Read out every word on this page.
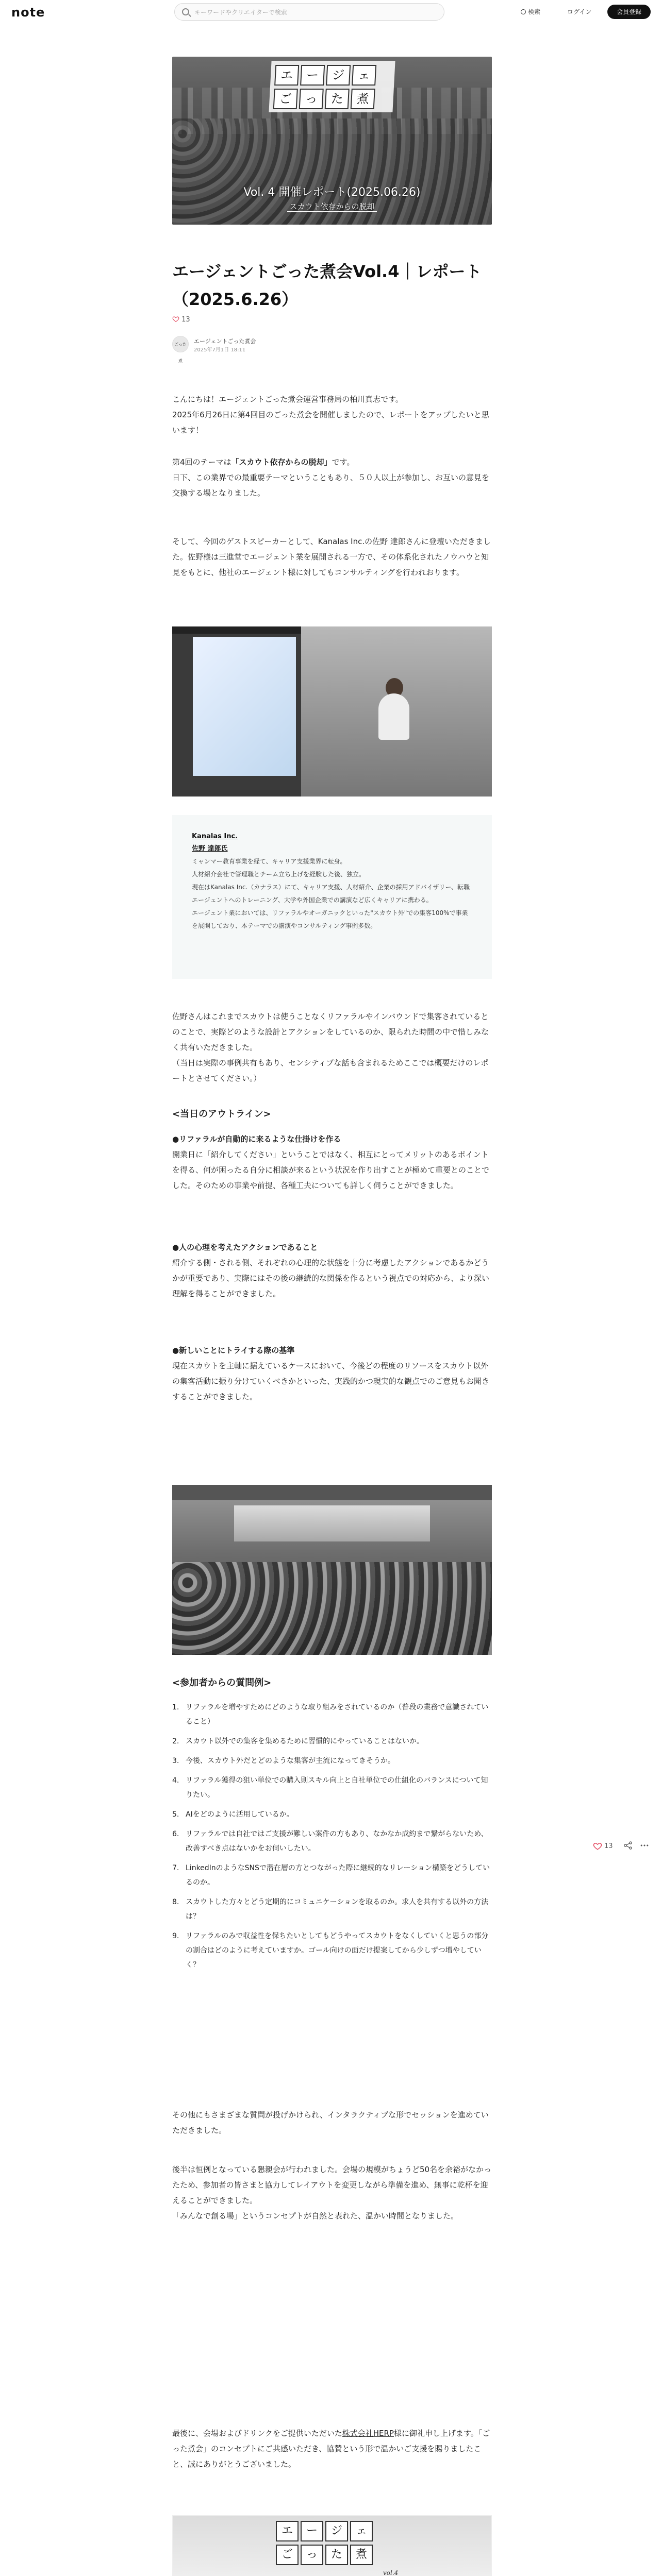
note
キーワードやクリエイターで検索	検索	ログイン	会員登録
エ	ー	ジ	ェ
ご	っ	た	煮
Vol. 4 開催レポート(2025.06.26)
スカウト依存からの脱却
エージェントごった煮会Vol.4｜レポート
（2025.6.26）
13
ごった煮
エージェントごった煮会
2025年7月1日 18:11
こんにちは！エージェントごった煮会運営事務局の柏川真志です。
2025年6月26日に第4回目のごった煮会を開催しましたので、レポートをアップしたいと思います！
第4回のテーマは「スカウト依存からの脱却」です。
日下、この業界での最重要テーマということもあり、５０人以上が参加し、お互いの意見を交換する場となりました。
そして、今回のゲストスピーカーとして、Kanalas Inc.の佐野 達郎さんに登壇いただきました。佐野様は三進堂でエージェント業を展開される一方で、その体系化されたノウハウと知見をもとに、他社のエージェント様に対してもコンサルティングを行われおります。
Kanalas Inc.
佐野 達郎氏
ミャンマー教育事業を経て、キャリア支援業界に転身。
人材紹介会社で管理職とチーム立ち上げを経験した後、独立。
現在はKanalas Inc.（カナラス）にて、キャリア支援、人材紹介、企業の採用アドバイザリー、転職エージェントへのトレーニング、大学や外国企業での講演など広くキャリアに携わる。
エージェント業においては、リファラルやオーガニックといった"スカウト外"での集客100%で事業を展開しており、本テーマでの講演やコンサルティング事例多数。
佐野さんはこれまでスカウトは使うことなくリファラルやインバウンドで集客されているとのことで、実際どのような設計とアクションをしているのか、限られた時間の中で惜しみなく共有いただきました。
（当日は実際の事例共有もあり、センシティブな話も含まれるためここでは概要だけのレポートとさせてください。）
<当日のアウトライン>
●リファラルが自動的に来るような仕掛けを作る
開業日に「紹介してください」ということではなく、相互にとってメリットのあるポイントを得る、何が困ったる自分に相談が来るという状況を作り出すことが極めて重要とのことでした。そのための事業や前提、各種工夫についても詳しく伺うことができました。
●人の心理を考えたアクションであること
紹介する側・される側、それぞれの心理的な状態を十分に考慮したアクションであるかどうかが重要であり、実際にはその後の継続的な関係を作るという視点での対応から、より深い理解を得ることができました。
●新しいことにトライする際の基準
現在スカウトを主軸に据えているケースにおいて、今後どの程度のリソースをスカウト以外の集客活動に振り分けていくべきかといった、実践的かつ現実的な観点でのご意見もお聞きすることができました。
<参加者からの質問例>
1. リファラルを増やすためにどのような取り組みをされているのか（普段の業務で意識されていること）
2. スカウト以外での集客を集めるために習慣的にやっていることはないか。
3. 今後、スカウト外だとどのような集客が主流になってきそうか。
4. リファラル獲得の狙い単位での購入則スキル向上と自社単位での仕組化のバランスについて知りたい。
5. AIをどのように活用しているか。
6. リファラルでは自社ではご支援が難しい案件の方もあり、なかなか成約まで繋がらないため、改善すべき点はないかをお伺いしたい。
7. LinkedInのようなSNSで潜在層の方とつながった際に継続的なリレーション構築をどうしているのか。
8. スカウトした方々とどう定期的にコミュニケーションを取るのか。求人を共有する以外の方法は？
9. リファラルのみで収益性を保ちたいとしてもどうやってスカウトをなくしていくと思うの部分の割合はどのように考えていますか。ゴール向けの面だけ提案してから少しずつ増やしていく？
その他にもさまざまな質問が投げかけられ、インタラクティブな形でセッションを進めていただきました。
後半は恒例となっている懇親会が行われました。会場の規模がちょうど50名を余裕がなかったため、参加者の皆さまと協力してレイアウトを変更しながら準備を進め、無事に乾杯を迎えることができました。
「みんなで創る場」というコンセプトが自然と表れた、温かい時間となりました。
最後に、会場およびドリンクをご提供いただいた株式会社HERP様に御礼申し上げます。「ごった煮会」のコンセプトにご共感いただき、協賛という形で温かいご支援を賜りましたこと、誠にありがとうございました。
エ	ー	ジ	ェ
ご	っ	た	煮
vol.4

13
